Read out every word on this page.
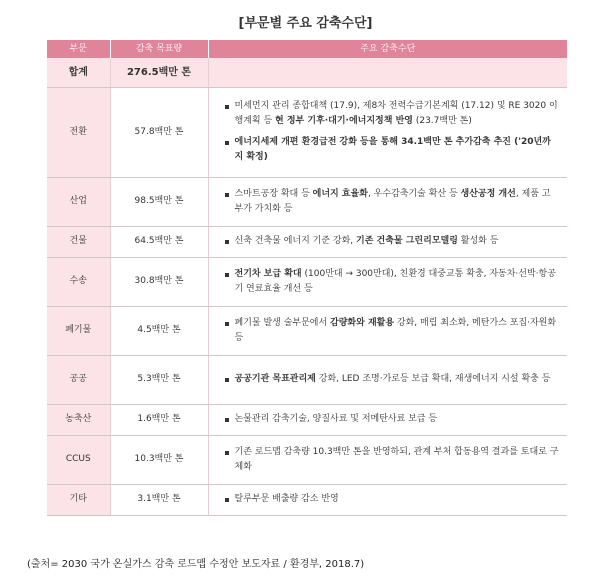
[부문별 주요 감축수단]
부문	감축 목표량	주요 감축수단
합계	276.5백만 톤	
전환	57.8백만 톤	미세먼지 관리 종합대책 (17.9), 제8차 전력수급기본계획 (17.12) 및 RE 3020 이행계획 등 현 정부 기후·대기·에너지정책 반영 (23.7백만 톤)
에너지세제 개편 환경급전 강화 등을 통해 34.1백만 톤 추가감축 추진 ('20년까지 확정)

산업	98.5백만 톤	스마트공장 확대 등 에너지 효율화, 우수감축기술 확산 등 생산공정 개선, 제품 고부가 가치화 등

건물	64.5백만 톤	신축 건축물 에너지 기준 강화, 기존 건축물 그린리모델링 활성화 등

수송	30.8백만 톤	전기차 보급 확대 (100만대 → 300만대), 친환경 대중교통 확충, 자동차·선박·항공기 연료효율 개선 등

폐기물	4.5백만 톤	폐기물 발생 술부문에서 감량화와 재활용 강화, 매립 최소화, 메탄가스 포집·자원화 등

공공	5.3백만 톤	공공기관 목표관리제 강화, LED 조명·가로등 보급 확대, 재생에너지 시설 확충 등

농축산	1.6백만 톤	논물관리 감축기술, 양질사료 및 저메탄사료 보급 등

CCUS	10.3백만 톤	기존 로드맵 감축량 10.3백만 톤을 반영하되, 관계 부처 합동용역 결과를 토대로 구체화

기타	3.1백만 톤	탈루부문 배출량 감소 반영
(출처= 2030 국가 온실가스 감축 로드맵 수정안 보도자료 / 환경부, 2018.7)
